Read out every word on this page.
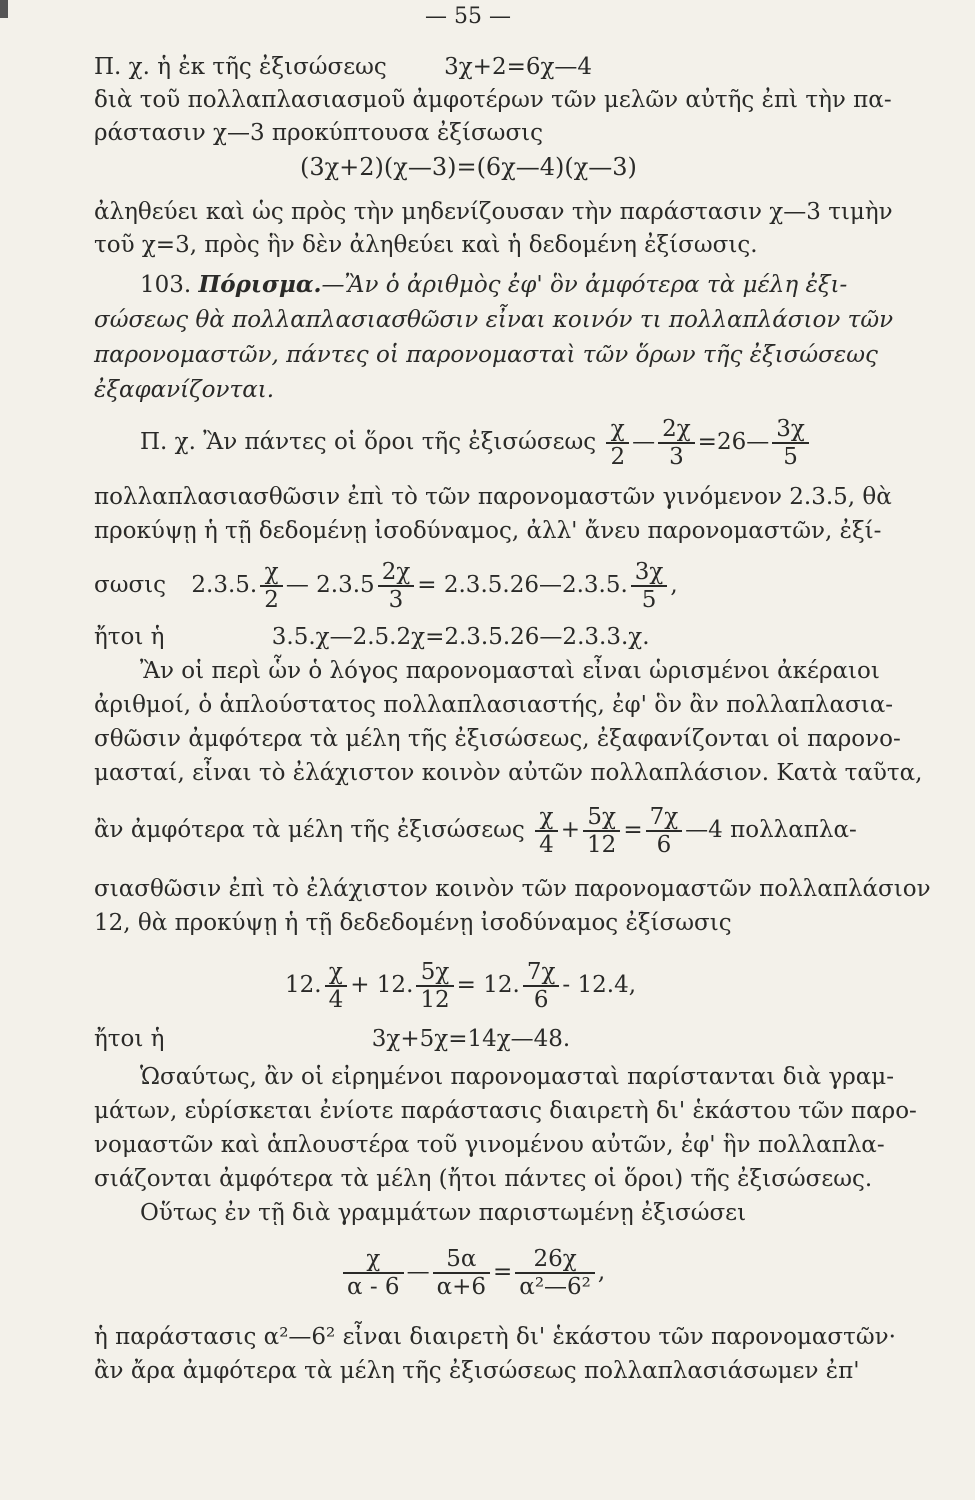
— 55 —
Π. χ. ἡ ἐκ τῆς ἐξισώσεως 3χ+2=6χ—4
διὰ τοῦ πολλαπλασιασμοῦ ἀμφοτέρων τῶν μελῶν αὐτῆς ἐπὶ τὴν πα-
ράστασιν χ—3 προκύπτουσα ἐξίσωσις
(3χ+2)(χ—3)=(6χ—4)(χ—3)
ἀληθεύει καὶ ὡς πρὸς τὴν μηδενίζουσαν τὴν παράστασιν χ—3 τιμὴν
τοῦ χ=3, πρὸς ἣν δὲν ἀληθεύει καὶ ἡ δεδομένη ἐξίσωσις.
103. Πόρισμα.—Ἂν ὁ ἀριθμὸς ἐφ' ὃν ἀμφότερα τὰ μέλη ἐξι-
σώσεως θὰ πολλαπλασιασθῶσιν εἶναι κοινόν τι πολλαπλάσιον τῶν
παρονομαστῶν, πάντες οἱ παρονομασταὶ τῶν ὅρων τῆς ἐξισώσεως
ἐξαφανίζονται.
Π. χ. Ἂν πάντες οἱ ὅροι τῆς ἐξισώσεως $\frac{\chi}{2}$ — $\frac{2\chi}{3}$ =26— $\frac{3\chi}{5}$
πολλαπλασιασθῶσιν ἐπὶ τὸ τῶν παρονομαστῶν γινόμενον 2.3.5, θὰ
προκύψῃ ἡ τῇ δεδομένῃ ἰσοδύναμος, ἀλλ' ἄνευ παρονομαστῶν, ἐξί-
σωσις 2.3.5. $\frac{\chi}{2}$ — $2.3.5 \frac{2\chi}{3}$ = 2.3.5.26—2.3.5. $\frac{3\chi}{5}$ ,
ἤτοι ἡ	3.5.χ—2.5.2χ=2.3.5.26—2.3.3.χ.
Ἂν οἱ περὶ ὧν ὁ λόγος παρονομασταὶ εἶναι ὡρισμένοι ἀκέραιοι
ἀριθμοί, ὁ ἁπλούστατος πολλαπλασιαστής, ἐφ' ὃν ἂν πολλαπλασια-
σθῶσιν ἀμφότερα τὰ μέλη τῆς ἐξισώσεως, ἐξαφανίζονται οἱ παρονο-
μασταί, εἶναι τὸ ἐλάχιστον κοινὸν αὐτῶν πολλαπλάσιον. Κατὰ ταῦτα,
ἂν ἀμφότερα τὰ μέλη τῆς ἐξισώσεως $\frac{\chi}{4} + \frac{5\chi}{12} = \frac{7\chi}{6}$ —4 πολλαπλα-
σιασθῶσιν ἐπὶ τὸ ἐλάχιστον κοινὸν τῶν παρονομαστῶν πολλαπλάσιον
12, θὰ προκύψῃ ἡ τῇ δεδεδομένῃ ἰσοδύναμος ἐξίσωσις
12. $\frac{\chi}{4} + 12$. $\frac{5\chi}{12} = 12$. $\frac{7\chi}{6} - 12.4$,
ἤτοι ἡ	3χ+5χ=14χ—48.
Ὡσαύτως, ἂν οἱ εἰρημένοι παρονομασταὶ παρίστανται διὰ γραμ-
μάτων, εὑρίσκεται ἐνίοτε παράστασις διαιρετὴ δι' ἑκάστου τῶν παρο-
νομαστῶν καὶ ἁπλουστέρα τοῦ γινομένου αὐτῶν, ἐφ' ἣν πολλαπλα-
σιάζονται ἀμφότερα τὰ μέλη (ἤτοι πάντες οἱ ὅροι) τῆς ἐξισώσεως.
Οὕτως ἐν τῇ διὰ γραμμάτων παριστωμένῃ ἐξισώσει
$\frac{\chi}{\alpha - 6}$ — $\frac{5\alpha}{\alpha+6} = \frac{26\chi}{\text{α²—6²}}$ ,
ἡ παράστασις α²—6² εἶναι διαιρετὴ δι' ἑκάστου τῶν παρονομαστῶν·
ἂν ἄρα ἀμφότερα τὰ μέλη τῆς ἐξισώσεως πολλαπλασιάσωμεν ἐπ'
